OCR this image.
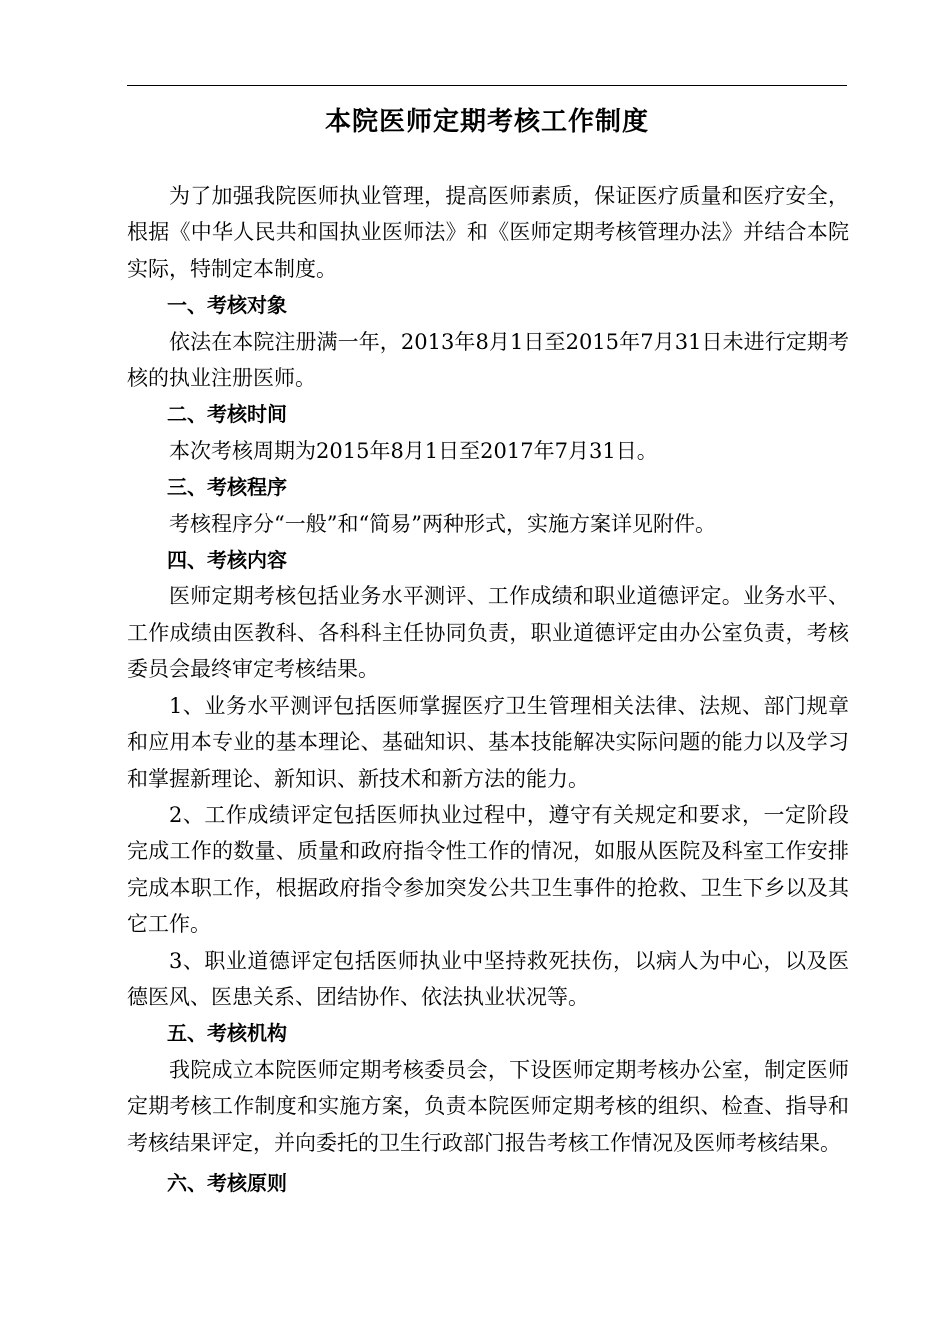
本院医师定期考核工作制度

为了加强我院医师执业管理，提高医师素质，保证医疗质量和医疗安全，根据《中华人民共和国执业医师法》和《医师定期考核管理办法》并结合本院实际，特制定本制度。

一、考核对象

依法在本院注册满一年，2013年8月1日至2015年7月31日未进行定期考核的执业注册医师。

二、考核时间

本次考核周期为2015年8月1日至2017年7月31日。

三、考核程序

考核程序分“一般”和“简易”两种形式，实施方案详见附件。

四、考核内容

医师定期考核包括业务水平测评、工作成绩和职业道德评定。业务水平、工作成绩由医教科、各科科主任协同负责，职业道德评定由办公室负责，考核委员会最终审定考核结果。

1、业务水平测评包括医师掌握医疗卫生管理相关法律、法规、部门规章和应用本专业的基本理论、基础知识、基本技能解决实际问题的能力以及学习和掌握新理论、新知识、新技术和新方法的能力。

2、工作成绩评定包括医师执业过程中，遵守有关规定和要求，一定阶段完成工作的数量、质量和政府指令性工作的情况，如服从医院及科室工作安排完成本职工作，根据政府指令参加突发公共卫生事件的抢救、卫生下乡以及其它工作。

3、职业道德评定包括医师执业中坚持救死扶伤，以病人为中心，以及医德医风、医患关系、团结协作、依法执业状况等。

五、考核机构

我院成立本院医师定期考核委员会，下设医师定期考核办公室，制定医师定期考核工作制度和实施方案，负责本院医师定期考核的组织、检查、指导和考核结果评定，并向委托的卫生行政部门报告考核工作情况及医师考核结果。

六、考核原则
